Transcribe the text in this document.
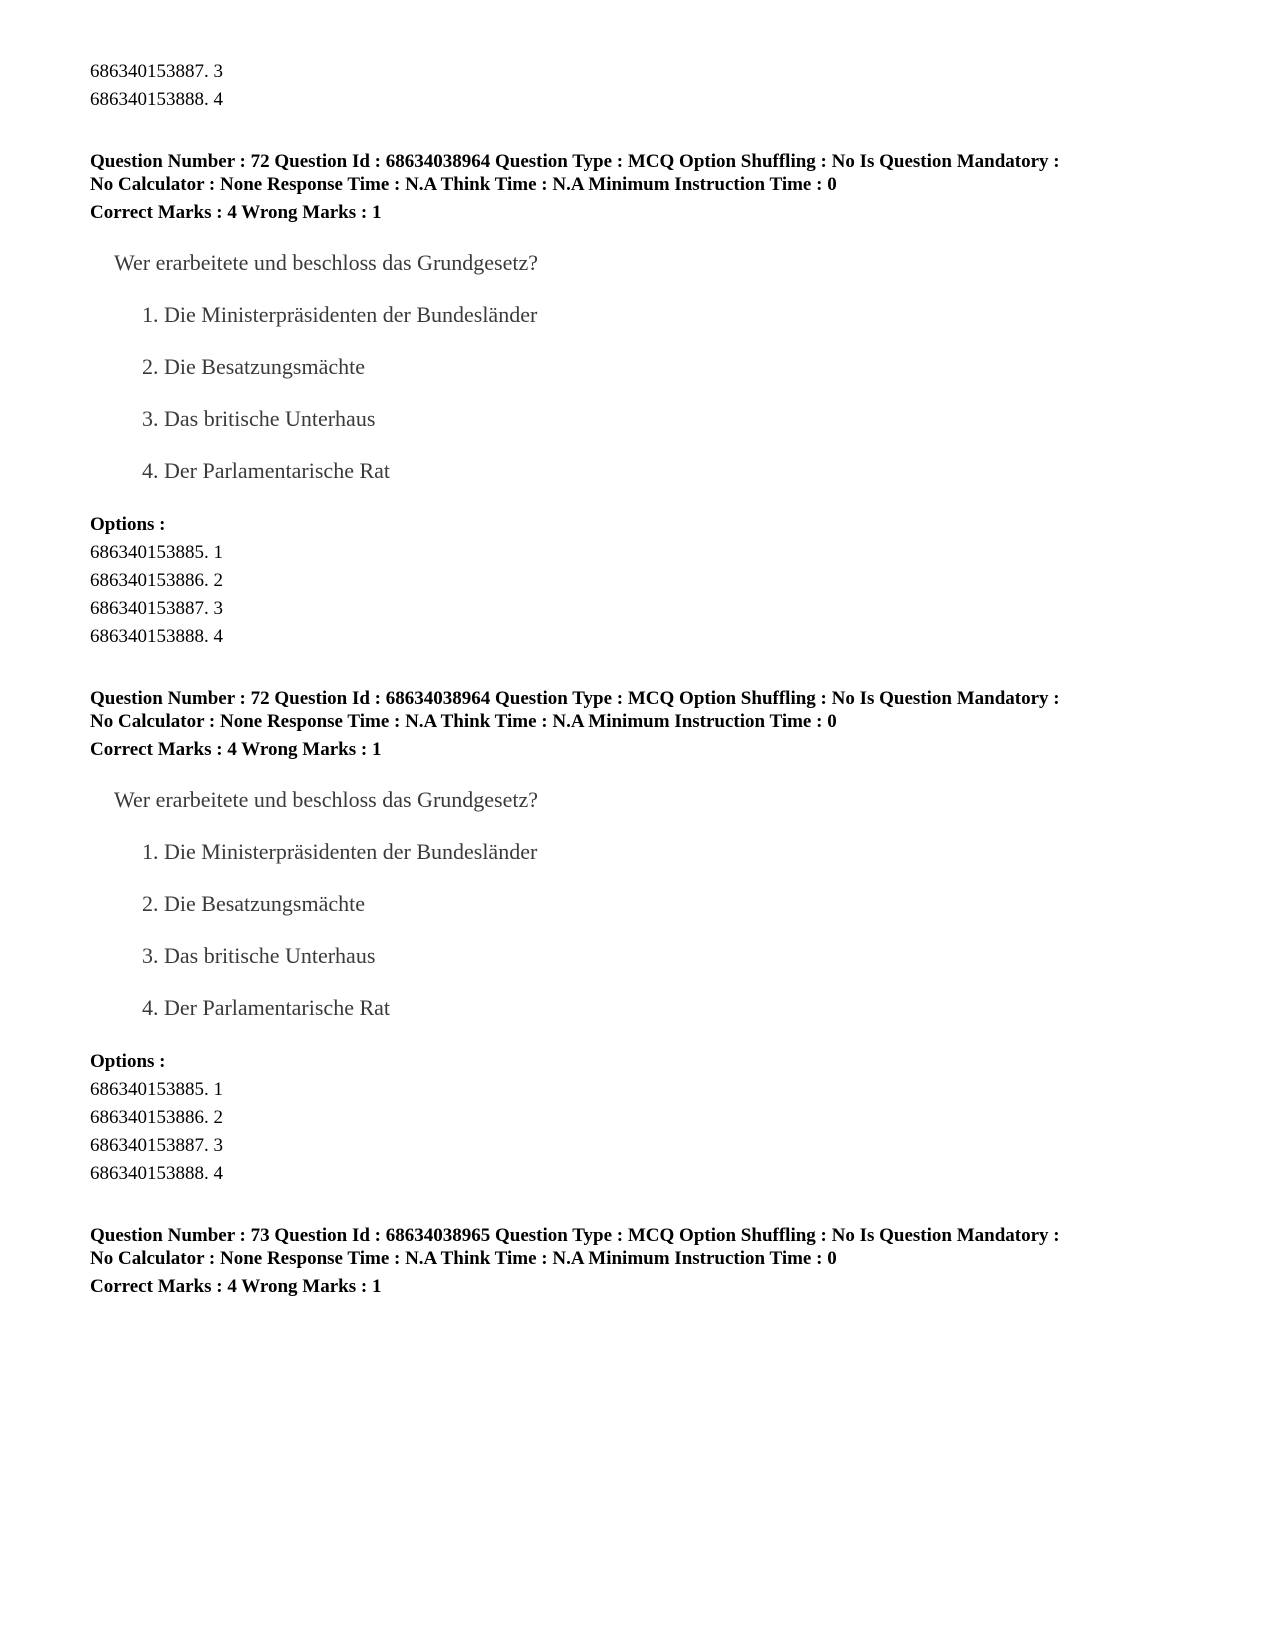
686340153887. 3
686340153888. 4
Question Number : 72 Question Id : 68634038964 Question Type : MCQ Option Shuffling : No Is Question Mandatory :
No Calculator : None Response Time : N.A Think Time : N.A Minimum Instruction Time : 0
Correct Marks : 4 Wrong Marks : 1
Wer erarbeitete und beschloss das Grundgesetz?
1. Die Ministerpräsidenten der Bundesländer
2. Die Besatzungsmächte
3. Das britische Unterhaus
4. Der Parlamentarische Rat
Options :
686340153885. 1
686340153886. 2
686340153887. 3
686340153888. 4
Question Number : 72 Question Id : 68634038964 Question Type : MCQ Option Shuffling : No Is Question Mandatory :
No Calculator : None Response Time : N.A Think Time : N.A Minimum Instruction Time : 0
Correct Marks : 4 Wrong Marks : 1
Wer erarbeitete und beschloss das Grundgesetz?
1. Die Ministerpräsidenten der Bundesländer
2. Die Besatzungsmächte
3. Das britische Unterhaus
4. Der Parlamentarische Rat
Options :
686340153885. 1
686340153886. 2
686340153887. 3
686340153888. 4
Question Number : 73 Question Id : 68634038965 Question Type : MCQ Option Shuffling : No Is Question Mandatory :
No Calculator : None Response Time : N.A Think Time : N.A Minimum Instruction Time : 0
Correct Marks : 4 Wrong Marks : 1
